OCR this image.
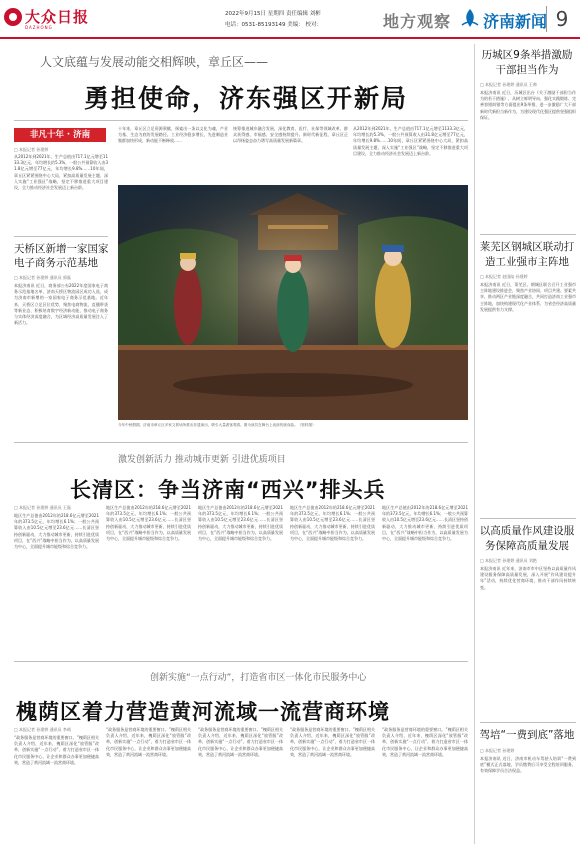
大众日报
DAZHONG
2022年9月15日 星期四 责任编辑 刘彬
电话：0531-85193149 美编： 校对：	地方观察 济南新闻 9
人文底蕴与发展动能交相辉映，章丘区——
勇担使命，济东强区开新局
非凡十年 · 济南
□ 本报记者 孙建婷
从2012年到2021年，生产总值由717.1亿元增至1133.3亿元，年均增长约5.3%，一般公共预算收入由31.8亿元增至77亿元，年均增长9.8%……10年间，章丘区紧紧围绕中心大局，紧扣高质量发展主题，深入实施“工业强区”战略，坚定不移推进重大项目建设，全力推动经济社会发展迈上新台阶。
十年来，章丘区立足资源禀赋，探索出一条以文化为魂、产业为基、生态为底的发展路径。工业经济稳步增长，先进制造业集群加快形成，新动能不断释放……
统筹推进城乡融合发展，深化教育、医疗、社保等领域改革，群众获得感、幸福感、安全感持续提升。新时代新征程，章丘区正以昂扬姿态奋力谱写高质量发展新篇章。
从2012年到2021年，生产总值由717.1亿元增至1133.3亿元，年均增长约5.3%，一般公共预算收入由31.8亿元增至77亿元，年均增长9.8%……10年间，章丘区紧紧围绕中心大局，紧扣高质量发展主题，深入实施“工业强区”战略，坚定不移推进重大项目建设，全力推动经济社会发展迈上新台阶。
今年中秋假期，济南市章丘区多家文旅场所推出非遗演出，吸引大量游客观看。图为演员在舞台上表演传统戏曲。（资料图）
天桥区新增一家国家电子商务示范基地
□ 本报记者 孙建婷 通讯员 郭磊
本报济南讯 近日，商务部公布2022年度国家电子商务示范基地名单，济南天桥区物流园区成功入选，成为济南市新增的一家国家电子商务示范基地。近年来，天桥区立足区位优势，聚焦电商物流、直播带货等新业态，积极培育数字经济新动能，推动电子商务与实体经济深度融合，为区域经济高质量发展注入了新活力。
激发创新活力 推动城市更新 引进优质项目
长清区：争当济南“西兴”排头兵
□ 本报记者 孙建婷 通讯员 王磊
地区生产总值由2012年的218.6亿元增至2021年的373.5亿元，年均增长6.1%；一般公共预算收入由10.5亿元增至23.6亿元……长清区坚持创新驱动，大力推动城市更新，持续引进优质项目，在“西兴”战略中担当作为，以高质量发展为中心，全面提升城市能级和综合竞争力。
地区生产总值由2012年的218.6亿元增至2021年的373.5亿元，年均增长6.1%；一般公共预算收入由10.5亿元增至23.6亿元……长清区坚持创新驱动，大力推动城市更新，持续引进优质项目，在“西兴”战略中担当作为，以高质量发展为中心，全面提升城市能级和综合竞争力。
地区生产总值由2012年的218.6亿元增至2021年的373.5亿元，年均增长6.1%；一般公共预算收入由10.5亿元增至23.6亿元……长清区坚持创新驱动，大力推动城市更新，持续引进优质项目，在“西兴”战略中担当作为，以高质量发展为中心，全面提升城市能级和综合竞争力。
地区生产总值由2012年的218.6亿元增至2021年的373.5亿元，年均增长6.1%；一般公共预算收入由10.5亿元增至23.6亿元……长清区坚持创新驱动，大力推动城市更新，持续引进优质项目，在“西兴”战略中担当作为，以高质量发展为中心，全面提升城市能级和综合竞争力。
地区生产总值由2012年的218.6亿元增至2021年的373.5亿元，年均增长6.1%；一般公共预算收入由10.5亿元增至23.6亿元……长清区坚持创新驱动，大力推动城市更新，持续引进优质项目，在“西兴”战略中担当作为，以高质量发展为中心，全面提升城市能级和综合竞争力。
创新实施“一点行动”，打造省市区一体化市民服务中心
槐荫区着力营造黄河流域一流营商环境
□ 本报记者 孙建婷 通讯员 李萌
“政务服务是营商环境的重要窗口。”槐荫区相关负责人介绍，近年来，槐荫区深化“放管服”改革，创新实施“一点行动”，着力打造省市区一体化市民服务中心，让企业和群众办事更加便捷高效，营造了黄河流域一流营商环境。
“政务服务是营商环境的重要窗口。”槐荫区相关负责人介绍，近年来，槐荫区深化“放管服”改革，创新实施“一点行动”，着力打造省市区一体化市民服务中心，让企业和群众办事更加便捷高效，营造了黄河流域一流营商环境。
“政务服务是营商环境的重要窗口。”槐荫区相关负责人介绍，近年来，槐荫区深化“放管服”改革，创新实施“一点行动”，着力打造省市区一体化市民服务中心，让企业和群众办事更加便捷高效，营造了黄河流域一流营商环境。
“政务服务是营商环境的重要窗口。”槐荫区相关负责人介绍，近年来，槐荫区深化“放管服”改革，创新实施“一点行动”，着力打造省市区一体化市民服务中心，让企业和群众办事更加便捷高效，营造了黄河流域一流营商环境。
“政务服务是营商环境的重要窗口。”槐荫区相关负责人介绍，近年来，槐荫区深化“放管服”改革，创新实施“一点行动”，着力打造省市区一体化市民服务中心，让企业和群众办事更加便捷高效，营造了黄河流域一流营商环境。
历城区9条举措激励干部担当作为
□ 本报记者 孙建婷 通讯员 王帅
本报济南讯 近日，历城区出台《关于激励干部担当作为的若干措施》，从树立鲜明导向、强化实践锻炼、完善容错纠错等方面提出9条举措，进一步激励广大干部新时代新担当新作为，为建设现代化强区提供坚强组织保证。
莱芜区钢城区联动打造工业强市主阵地
□ 本报记者 赵国陆 孙建婷
本报济南讯 近日，莱芜区、钢城区联合召开工业强市主阵地建设推进会，聚焦产业协同、项目共建、要素共享，推动两区产业链深度融合，共同打造济南工业强市主阵地，加快构建现代化产业体系，为省会经济高质量发展提供有力支撑。
以高质量作风建设服务保障高质量发展
□ 本报记者 孙建婷 通讯员 刘艳
本报济南讯 近年来，济南市市中区坚持以高质量作风建设服务保障高质量发展，深入开展“作风建设提升年”活动，持续优化营商环境，推动干部作风持续转变。
驾培“一费到底”落地
□ 本报记者 孙建婷
本报济南讯 近日，济南市机动车驾驶人培训“一费到底”模式正式落地，学员缴费后可享受全程培训服务，有效保障学员合法权益。
